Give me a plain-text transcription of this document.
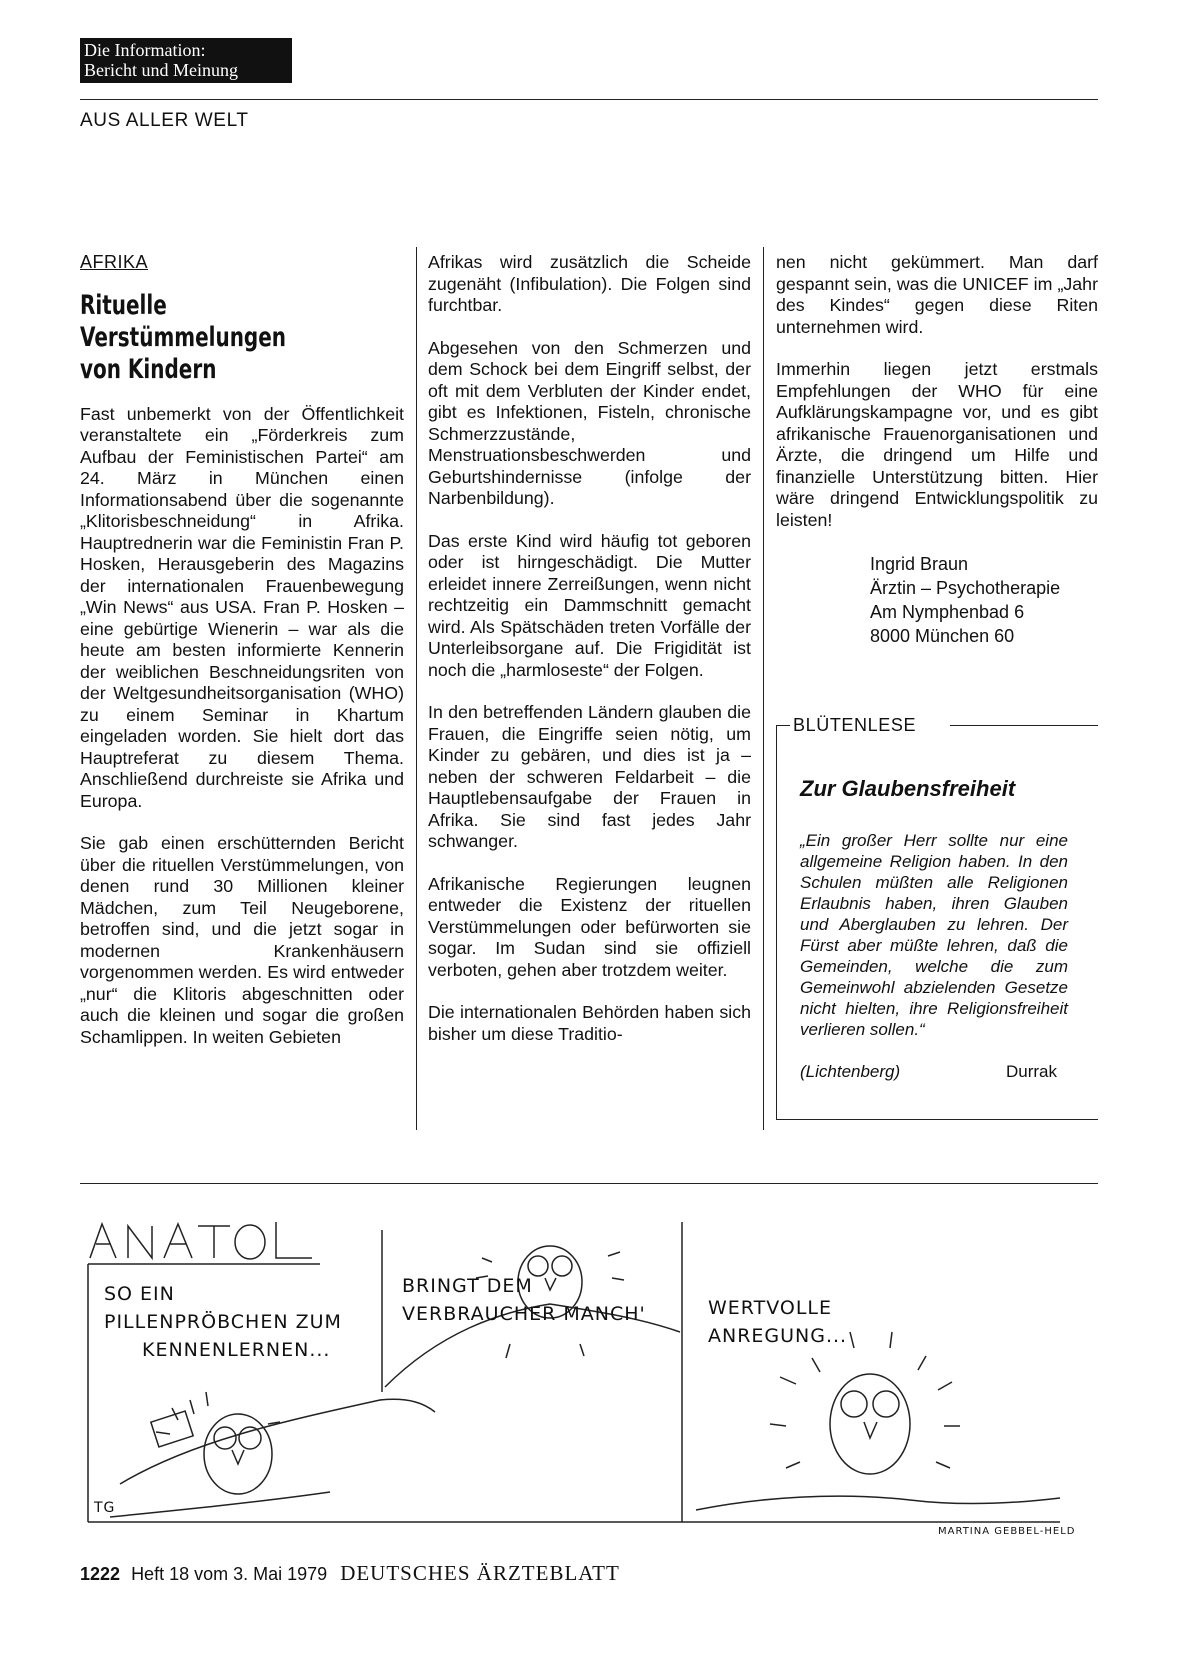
Die Information:
Bericht und Meinung
AUS ALLER WELT
AFRIKA
Rituelle
Verstümmelungen
von Kindern

Fast unbemerkt von der Öffentlichkeit veranstaltete ein „Förderkreis zum Aufbau der Feministischen Partei“ am 24. März in München einen Informationsabend über die sogenannte „Klitorisbeschneidung“ in Afrika. Hauptrednerin war die Feministin Fran P. Hosken, Herausgeberin des Magazins der internationalen Frauenbewegung „Win News“ aus USA. Fran P. Hosken – eine gebürtige Wienerin – war als die heute am besten informierte Kennerin der weiblichen Beschneidungsriten von der Weltgesundheitsorganisation (WHO) zu einem Seminar in Khartum eingeladen worden. Sie hielt dort das Hauptreferat zu diesem Thema. Anschließend durchreiste sie Afrika und Europa.

Sie gab einen erschütternden Bericht über die rituellen Verstümmelungen, von denen rund 30 Millionen kleiner Mädchen, zum Teil Neugeborene, betroffen sind, und die jetzt sogar in modernen Krankenhäusern vorgenommen werden. Es wird entweder „nur“ die Klitoris abgeschnitten oder auch die kleinen und sogar die großen Schamlippen. In weiten Gebieten

Afrikas wird zusätzlich die Scheide zugenäht (Infibulation). Die Folgen sind furchtbar.

Abgesehen von den Schmerzen und dem Schock bei dem Eingriff selbst, der oft mit dem Verbluten der Kinder endet, gibt es Infektionen, Fisteln, chronische Schmerzzustände, Menstruationsbeschwerden und Geburtshindernisse (infolge der Narbenbildung).

Das erste Kind wird häufig tot geboren oder ist hirngeschädigt. Die Mutter erleidet innere Zerreißungen, wenn nicht rechtzeitig ein Dammschnitt gemacht wird. Als Spätschäden treten Vorfälle der Unterleibsorgane auf. Die Frigidität ist noch die „harmloseste“ der Folgen.

In den betreffenden Ländern glauben die Frauen, die Eingriffe seien nötig, um Kinder zu gebären, und dies ist ja – neben der schweren Feldarbeit – die Hauptlebensaufgabe der Frauen in Afrika. Sie sind fast jedes Jahr schwanger.

Afrikanische Regierungen leugnen entweder die Existenz der rituellen Verstümmelungen oder befürworten sie sogar. Im Sudan sind sie offiziell verboten, gehen aber trotzdem weiter.

Die internationalen Behörden haben sich bisher um diese Traditio-

nen nicht gekümmert. Man darf gespannt sein, was die UNICEF im „Jahr des Kindes“ gegen diese Riten unternehmen wird.

Immerhin liegen jetzt erstmals Empfehlungen der WHO für eine Aufklärungskampagne vor, und es gibt afrikanische Frauenorganisationen und Ärzte, die dringend um Hilfe und finanzielle Unterstützung bitten. Hier wäre dringend Entwicklungspolitik zu leisten!

Ingrid Braun
Ärztin – Psychotherapie
Am Nymphenbad 6
8000 München 60
BLÜTENLESE
Zur Glaubensfreiheit
„Ein großer Herr sollte nur eine allgemeine Religion haben. In den Schulen müßten alle Religionen Erlaubnis haben, ihren Glauben und Aberglauben zu lehren. Der Fürst aber müßte lehren, daß die Gemeinden, welche die zum Gemeinwohl abzielenden Gesetze nicht hielten, ihre Religionsfreiheit verlieren sollen.“
(Lichtenberg)	Durrak
ANATOL
SO EIN
PILLENPRÖBCHEN ZUM
KENNENLERNEN...
BRINGT DEM
VERBRAUCHER MANCH'	WERTVOLLE
ANREGUNG...
TG
MARTINA GEBBEL-HELD
1222 Heft 18 vom 3. Mai 1979 DEUTSCHES ÄRZTEBLATT
